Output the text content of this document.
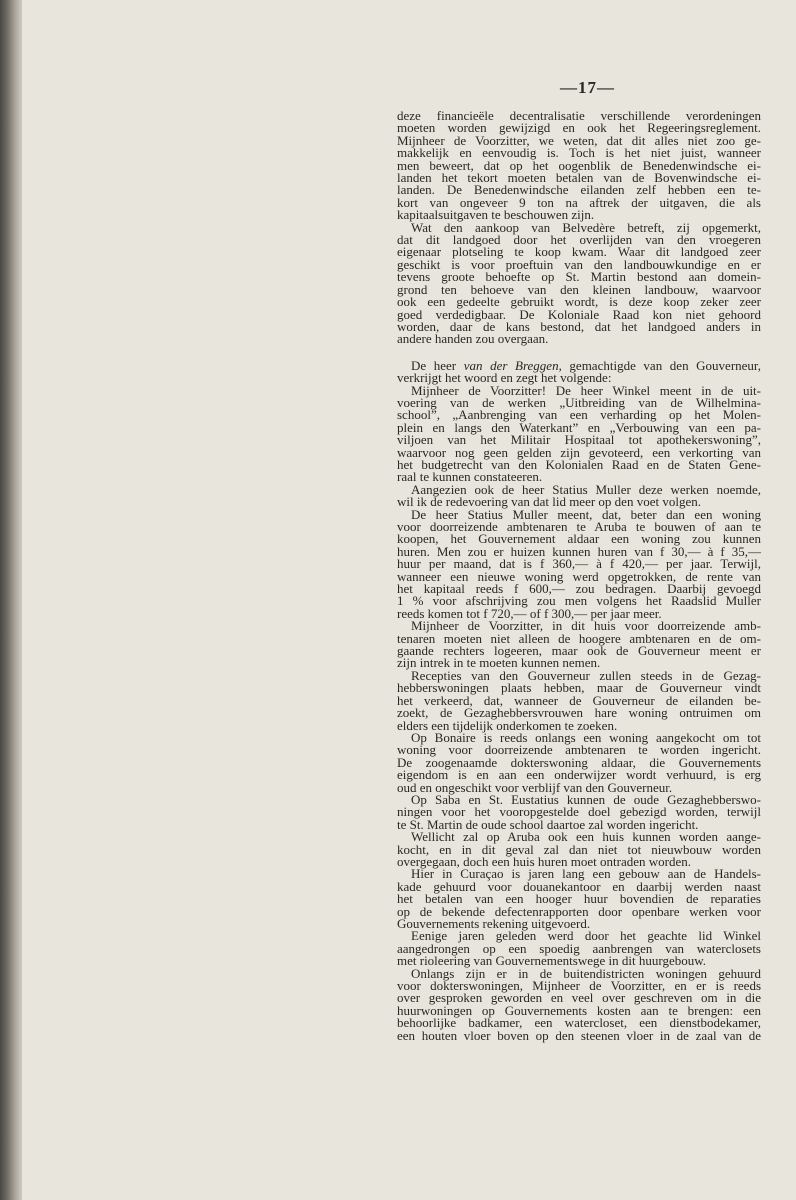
—17—
deze financieële decentralisatie verschillende verordeningen
moeten worden gewijzigd en ook het Regeeringsreglement.
Mijnheer de Voorzitter, we weten, dat dit alles niet zoo ge-
makkelijk en eenvoudig is. Toch is het niet juist, wanneer
men beweert, dat op het oogenblik de Benedenwindsche ei-
landen het tekort moeten betalen van de Bovenwindsche ei-
landen. De Benedenwindsche eilanden zelf hebben een te-
kort van ongeveer 9 ton na aftrek der uitgaven, die als
kapitaalsuitgaven te beschouwen zijn.
Wat den aankoop van Belvedère betreft, zij opgemerkt,
dat dit landgoed door het overlijden van den vroegeren
eigenaar plotseling te koop kwam. Waar dit landgoed zeer
geschikt is voor proeftuin van den landbouwkundige en er
tevens groote behoefte op St. Martin bestond aan domein-
grond ten behoeve van den kleinen landbouw, waarvoor
ook een gedeelte gebruikt wordt, is deze koop zeker zeer
goed verdedigbaar. De Koloniale Raad kon niet gehoord
worden, daar de kans bestond, dat het landgoed anders in
andere handen zou overgaan.
De heer van der Breggen, gemachtigde van den Gouverneur,
verkrijgt het woord en zegt het volgende:
Mijnheer de Voorzitter! De heer Winkel meent in de uit-
voering van de werken „Uitbreiding van de Wilhelmina-
school”, „Aanbrenging van een verharding op het Molen-
plein en langs den Waterkant” en „Verbouwing van een pa-
viljoen van het Militair Hospitaal tot apothekerswoning”,
waarvoor nog geen gelden zijn gevoteerd, een verkorting van
het budgetrecht van den Kolonialen Raad en de Staten Gene-
raal te kunnen constateeren.
Aangezien ook de heer Statius Muller deze werken noemde,
wil ik de redevoering van dat lid meer op den voet volgen.
De heer Statius Muller meent, dat, beter dan een woning
voor doorreizende ambtenaren te Aruba te bouwen of aan te
koopen, het Gouvernement aldaar een woning zou kunnen
huren. Men zou er huizen kunnen huren van f 30,— à f 35,—
huur per maand, dat is f 360,— à f 420,— per jaar. Terwijl,
wanneer een nieuwe woning werd opgetrokken, de rente van
het kapitaal reeds f 600,— zou bedragen. Daarbij gevoegd
1 % voor afschrijving zou men volgens het Raadslid Muller
reeds komen tot f 720,— of f 300,— per jaar meer.
Mijnheer de Voorzitter, in dit huis voor doorreizende amb-
tenaren moeten niet alleen de hoogere ambtenaren en de om-
gaande rechters logeeren, maar ook de Gouverneur meent er
zijn intrek in te moeten kunnen nemen.
Recepties van den Gouverneur zullen steeds in de Gezag-
hebberswoningen plaats hebben, maar de Gouverneur vindt
het verkeerd, dat, wanneer de Gouverneur de eilanden be-
zoekt, de Gezaghebbersvrouwen hare woning ontruimen om
elders een tijdelijk onderkomen te zoeken.
Op Bonaire is reeds onlangs een woning aangekocht om tot
woning voor doorreizende ambtenaren te worden ingericht.
De zoogenaamde dokterswoning aldaar, die Gouvernements
eigendom is en aan een onderwijzer wordt verhuurd, is erg
oud en ongeschikt voor verblijf van den Gouverneur.
Op Saba en St. Eustatius kunnen de oude Gezaghebberswo-
ningen voor het vooropgestelde doel gebezigd worden, terwijl
te St. Martin de oude school daartoe zal worden ingericht.
Wellicht zal op Aruba ook een huis kunnen worden aange-
kocht, en in dit geval zal dan niet tot nieuwbouw worden
overgegaan, doch een huis huren moet ontraden worden.
Hier in Curaçao is jaren lang een gebouw aan de Handels-
kade gehuurd voor douanekantoor en daarbij werden naast
het betalen van een hooger huur bovendien de reparaties
op de bekende defectenrapporten door openbare werken voor
Gouvernements rekening uitgevoerd.
Eenige jaren geleden werd door het geachte lid Winkel
aangedrongen op een spoedig aanbrengen van waterclosets
met rioleering van Gouvernementswege in dit huurgebouw.
Onlangs zijn er in de buitendistricten woningen gehuurd
voor dokterswoningen, Mijnheer de Voorzitter, en er is reeds
over gesproken geworden en veel over geschreven om in die
huurwoningen op Gouvernements kosten aan te brengen: een
behoorlijke badkamer, een watercloset, een dienstbodekamer,
een houten vloer boven op den steenen vloer in de zaal van de
